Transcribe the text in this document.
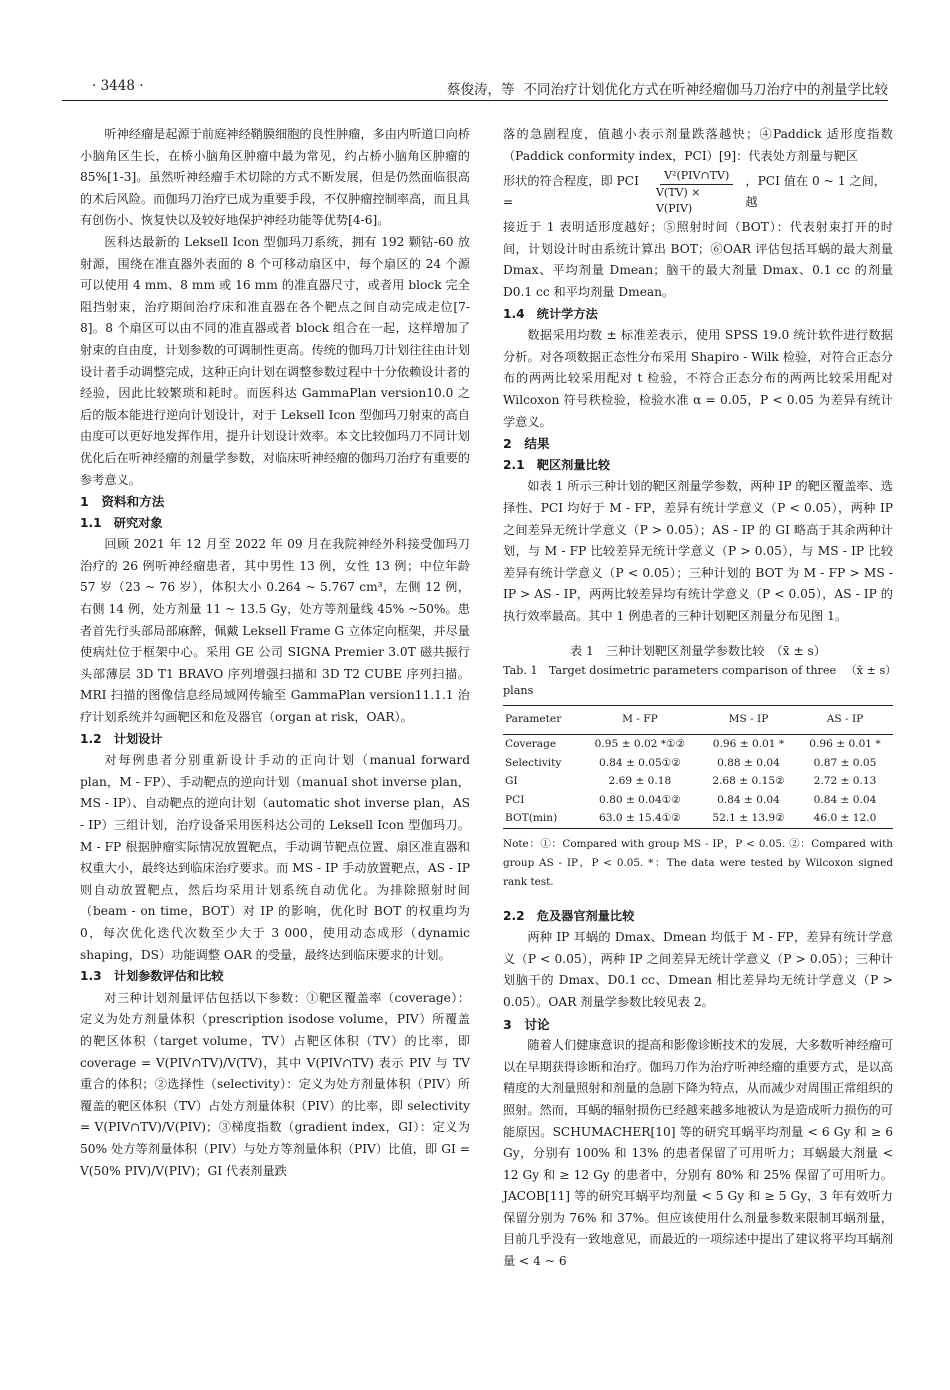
· 3448 ·	蔡俊涛，等 不同治疗计划优化方式在听神经瘤伽马刀治疗中的剂量学比较

听神经瘤是起源于前庭神经鞘膜细胞的良性肿瘤，多由内听道口向桥小脑角区生长，在桥小脑角区肿瘤中最为常见，约占桥小脑角区肿瘤的 85%[1-3]。虽然听神经瘤手术切除的方式不断发展，但是仍然面临很高的术后风险。而伽玛刀治疗已成为重要手段，不仅肿瘤控制率高，而且具有创伤小、恢复快以及较好地保护神经功能等优势[4-6]。

医科达最新的 Leksell Icon 型伽玛刀系统，拥有 192 颗钴-60 放射源，围绕在准直器外表面的 8 个可移动扇区中，每个扇区的 24 个源可以使用 4 mm、8 mm 或 16 mm 的准直器尺寸，或者用 block 完全阻挡射束，治疗期间治疗床和准直器在各个靶点之间自动完成走位[7-8]。8 个扇区可以由不同的准直器或者 block 组合在一起，这样增加了射束的自由度，计划参数的可调制性更高。传统的伽玛刀计划往往由计划设计者手动调整完成，这种正向计划在调整参数过程中十分依赖设计者的经验，因此比较繁琐和耗时。而医科达 GammaPlan version10.0 之后的版本能进行逆向计划设计，对于 Leksell Icon 型伽玛刀射束的高自由度可以更好地发挥作用，提升计划设计效率。本文比较伽玛刀不同计划优化后在听神经瘤的剂量学参数，对临床听神经瘤的伽玛刀治疗有重要的参考意义。

1　资料和方法
1.1　研究对象

回顾 2021 年 12 月至 2022 年 09 月在我院神经外科接受伽玛刀治疗的 26 例听神经瘤患者，其中男性 13 例，女性 13 例；中位年龄 57 岁（23 ~ 76 岁），体积大小 0.264 ~ 5.767 cm³，左侧 12 例，右侧 14 例，处方剂量 11 ~ 13.5 Gy，处方等剂量线 45% ~50%。患者首先行头部局部麻醉，佩戴 Leksell Frame G 立体定向框架，并尽量使病灶位于框架中心。采用 GE 公司 SIGNA Premier 3.0T 磁共振行头部薄层 3D T1 BRAVO 序列增强扫描和 3D T2 CUBE 序列扫描。MRI 扫描的图像信息经局域网传输至 GammaPlan version11.1.1 治疗计划系统并勾画靶区和危及器官（organ at risk，OAR）。

1.2　计划设计

对每例患者分别重新设计手动的正向计划（manual forward plan，M - FP）、手动靶点的逆向计划（manual shot inverse plan，MS - IP）、自动靶点的逆向计划（automatic shot inverse plan，AS - IP）三组计划，治疗设备采用医科达公司的 Leksell Icon 型伽玛刀。M - FP 根据肿瘤实际情况放置靶点，手动调节靶点位置、扇区准直器和权重大小，最终达到临床治疗要求。而 MS - IP 手动放置靶点，AS - IP 则自动放置靶点，然后均采用计划系统自动优化。为排除照射时间（beam - on time，BOT）对 IP 的影响，优化时 BOT 的权重均为 0，每次优化迭代次数至少大于 3 000，使用动态成形（dynamic shaping，DS）功能调整 OAR 的受量，最终达到临床要求的计划。

1.3　计划参数评估和比较

对三种计划剂量评估包括以下参数：①靶区覆盖率（coverage）：定义为处方剂量体积（prescription isodose volume，PIV）所覆盖的靶区体积（target volume，TV）占靶区体积（TV）的比率，即 coverage = V(PIV∩TV)/V(TV)，其中 V(PIV∩TV) 表示 PIV 与 TV 重合的体积；②选择性（selectivity）：定义为处方剂量体积（PIV）所覆盖的靶区体积（TV）占处方剂量体积（PIV）的比率，即 selectivity = V(PIV∩TV)/V(PIV)；③梯度指数（gradient index，GI）：定义为 50% 处方等剂量体积（PIV）与处方等剂量体积（PIV）比值，即 GI = V(50% PIV)/V(PIV)；GI 代表剂量跌

落的急剧程度，值越小表示剂量跌落越快；④Paddick 适形度指数（Paddick conformity index，PCI）[9]：代表处方剂量与靶区

形状的符合程度，即 PCI =	$\frac{\text{V²(PIV∩TV)}}{\text{V(TV) × V(PIV)}}$ ，PCI 值在 0 ~ 1 之间，越

接近于 1 表明适形度越好；⑤照射时间（BOT）：代表射束打开的时间，计划设计时由系统计算出 BOT；⑥OAR 评估包括耳蜗的最大剂量 Dmax、平均剂量 Dmean；脑干的最大剂量 Dmax、0.1 cc 的剂量 D0.1 cc 和平均剂量 Dmean。

1.4　统计学方法

数据采用均数 ± 标准差表示，使用 SPSS 19.0 统计软件进行数据分析。对各项数据正态性分布采用 Shapiro - Wilk 检验，对符合正态分布的两两比较采用配对 t 检验，不符合正态分布的两两比较采用配对 Wilcoxon 符号秩检验，检验水准 α = 0.05，P < 0.05 为差异有统计学意义。

2　结果
2.1　靶区剂量比较

如表 1 所示三种计划的靶区剂量学参数，两种 IP 的靶区覆盖率、选择性、PCI 均好于 M - FP，差异有统计学意义（P < 0.05），两种 IP 之间差异无统计学意义（P > 0.05）；AS - IP 的 GI 略高于其余两种计划，与 M - FP 比较差异无统计学意义（P > 0.05），与 MS - IP 比较差异有统计学意义（P < 0.05）；三种计划的 BOT 为 M - FP > MS - IP > AS - IP，两两比较差异均有统计学意义（P < 0.05），AS - IP 的执行效率最高。其中 1 例患者的三种计划靶区剂量分布见图 1。

表 1　三种计划靶区剂量学参数比较　（x̄ ± s）
Tab. 1　Target dosimetric parameters comparison of three plans
（x̄ ± s）
Parameter	M - FP	MS - IP	AS - IP
Coverage	0.95 ± 0.02 *①②	0.96 ± 0.01 *	0.96 ± 0.01 *
Selectivity	0.84 ± 0.05①②	0.88 ± 0.04	0.87 ± 0.05
GI	2.69 ± 0.18	2.68 ± 0.15②	2.72 ± 0.13
PCI	0.80 ± 0.04①②	0.84 ± 0.04	0.84 ± 0.04
BOT(min)	63.0 ± 15.4①②	52.1 ± 13.9②	46.0 ± 12.0
Note：①：Compared with group MS - IP，P < 0.05. ②：Compared with group AS - IP，P < 0.05. *：The data were tested by Wilcoxon signed rank test.
2.2　危及器官剂量比较

两种 IP 耳蜗的 Dmax、Dmean 均低于 M - FP，差异有统计学意义（P < 0.05），两种 IP 之间差异无统计学意义（P > 0.05）；三种计划脑干的 Dmax、D0.1 cc、Dmean 相比差异均无统计学意义（P > 0.05）。OAR 剂量学参数比较见表 2。

3　讨论

随着人们健康意识的提高和影像诊断技术的发展，大多数听神经瘤可以在早期获得诊断和治疗。伽玛刀作为治疗听神经瘤的重要方式，是以高精度的大剂量照射和剂量的急剧下降为特点，从而减少对周围正常组织的照射。然而，耳蜗的辐射损伤已经越来越多地被认为是造成听力损伤的可能原因。SCHUMACHER[10] 等的研究耳蜗平均剂量 < 6 Gy 和 ≥ 6 Gy，分别有 100% 和 13% 的患者保留了可用听力；耳蜗最大剂量 < 12 Gy 和 ≥ 12 Gy 的患者中，分别有 80% 和 25% 保留了可用听力。JACOB[11] 等的研究耳蜗平均剂量 < 5 Gy 和 ≥ 5 Gy，3 年有效听力保留分别为 76% 和 37%。但应该使用什么剂量参数来限制耳蜗剂量，目前几乎没有一致地意见，而最近的一项综述中提出了建议将平均耳蜗剂量 < 4 ~ 6
